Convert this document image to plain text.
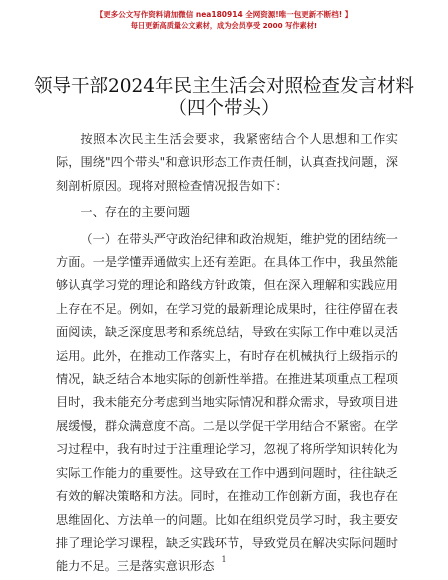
【更多公文写作资料请加微信 nea180914 全网资源!唯一包更新不断档! 】
每日更新高质量公文素材，成为会员享受 2000 写作素材!
领导干部2024年民主生活会对照检查发言材料
（四个带头）

按照本次民主生活会要求，我紧密结合个人思想和工作实际，围绕"四个带头"和意识形态工作责任制，认真查找问题，深刻剖析原因。现将对照检查情况报告如下：

一、存在的主要问题

（一）在带头严守政治纪律和政治规矩，维护党的团结统一方面。一是学懂弄通做实上还有差距。在具体工作中，我虽然能够认真学习党的理论和路线方针政策，但在深入理解和实践应用上存在不足。例如，在学习党的最新理论成果时，往往停留在表面阅读，缺乏深度思考和系统总结，导致在实际工作中难以灵活运用。此外，在推动工作落实上，有时存在机械执行上级指示的情况，缺乏结合本地实际的创新性举措。在推进某项重点工程项目时，我未能充分考虑到当地实际情况和群众需求，导致项目进展缓慢，群众满意度不高。二是以学促干学用结合不紧密。在学习过程中，我有时过于注重理论学习，忽视了将所学知识转化为实际工作能力的重要性。这导致在工作中遇到问题时，往往缺乏有效的解决策略和方法。同时，在推动工作创新方面，我也存在思维固化、方法单一的问题。比如在组织党员学习时，我主要安排了理论学习课程，缺乏实践环节，导致党员在解决实际问题时能力不足。三是落实意识形态 1
